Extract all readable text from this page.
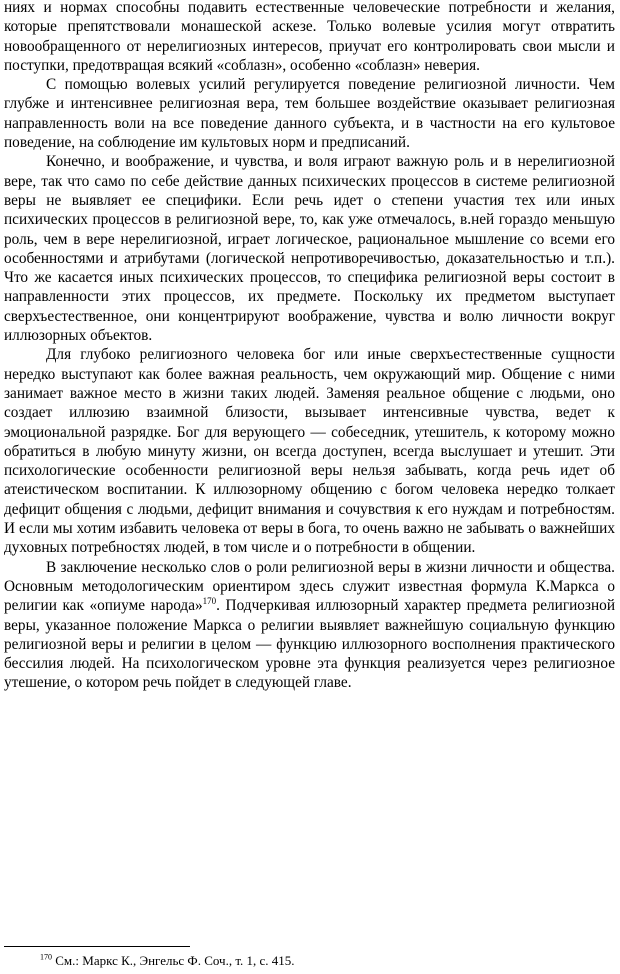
ниях и нормах способны подавить естественные человеческие потребности и желания, которые препятствовали монашеской аскезе. Только волевые усилия могут отвратить новообращенного от нерелигиозных интересов, приучат его контролировать свои мысли и поступки, предотвращая всякий «соблазн», особенно «соблазн» неверия.

С помощью волевых усилий регулируется поведение религиозной личности. Чем глубже и интенсивнее религиозная вера, тем большее воздействие оказывает религиозная направленность воли на все поведение данного субъекта, и в частности на его культовое поведение, на соблюдение им культовых норм и предписаний.

Конечно, и воображение, и чувства, и воля играют важную роль и в нерелигиозной вере, так что само по себе действие данных психических процессов в системе религиозной веры не выявляет ее специфики. Если речь идет о степени участия тех или иных психических процессов в религиозной вере, то, как уже отмечалось, в.ней гораздо меньшую роль, чем в вере нерелигиозной, играет логическое, рациональное мышление со всеми его особенностями и атрибутами (логической непротиворечивостью, доказательностью и т.п.). Что же касается иных психических процессов, то специфика религиозной веры состоит в направленности этих процессов, их предмете. Поскольку их предметом выступает сверхъестественное, они концентрируют воображение, чувства и волю личности вокруг иллюзорных объектов.

Для глубоко религиозного человека бог или иные сверхъестественные сущности нередко выступают как более важная реальность, чем окружающий мир. Общение с ними занимает важное место в жизни таких людей. Заменяя реальное общение с людьми, оно создает иллюзию взаимной близости, вызывает интенсивные чувства, ведет к эмоциональной разрядке. Бог для верующего — собеседник, утешитель, к которому можно обратиться в любую минуту жизни, он всегда доступен, всегда выслушает и утешит. Эти психологические особенности религиозной веры нельзя забывать, когда речь идет об атеистическом воспитании. К иллюзорному общению с богом человека нередко толкает дефицит общения с людьми, дефицит внимания и сочувствия к его нуждам и потребностям. И если мы хотим избавить человека от веры в бога, то очень важно не забывать о важнейших духовных потребностях людей, в том числе и о потребности в общении.

В заключение несколько слов о роли религиозной веры в жизни личности и общества. Основным методологическим ориентиром здесь служит известная формула К.Маркса о религии как «опиуме народа»$^{170}$. Подчеркивая иллюзорный характер предмета религиозной веры, указанное положение Маркса о религии выявляет важнейшую социальную функцию религиозной веры и религии в целом — функцию иллюзорного восполнения практического бессилия людей. На психологическом уровне эта функция реализуется через религиозное утешение, о котором речь пойдет в следующей главе.

$^{170}$ См.: Маркс К., Энгельс Ф. Соч., т. 1, с. 415.
